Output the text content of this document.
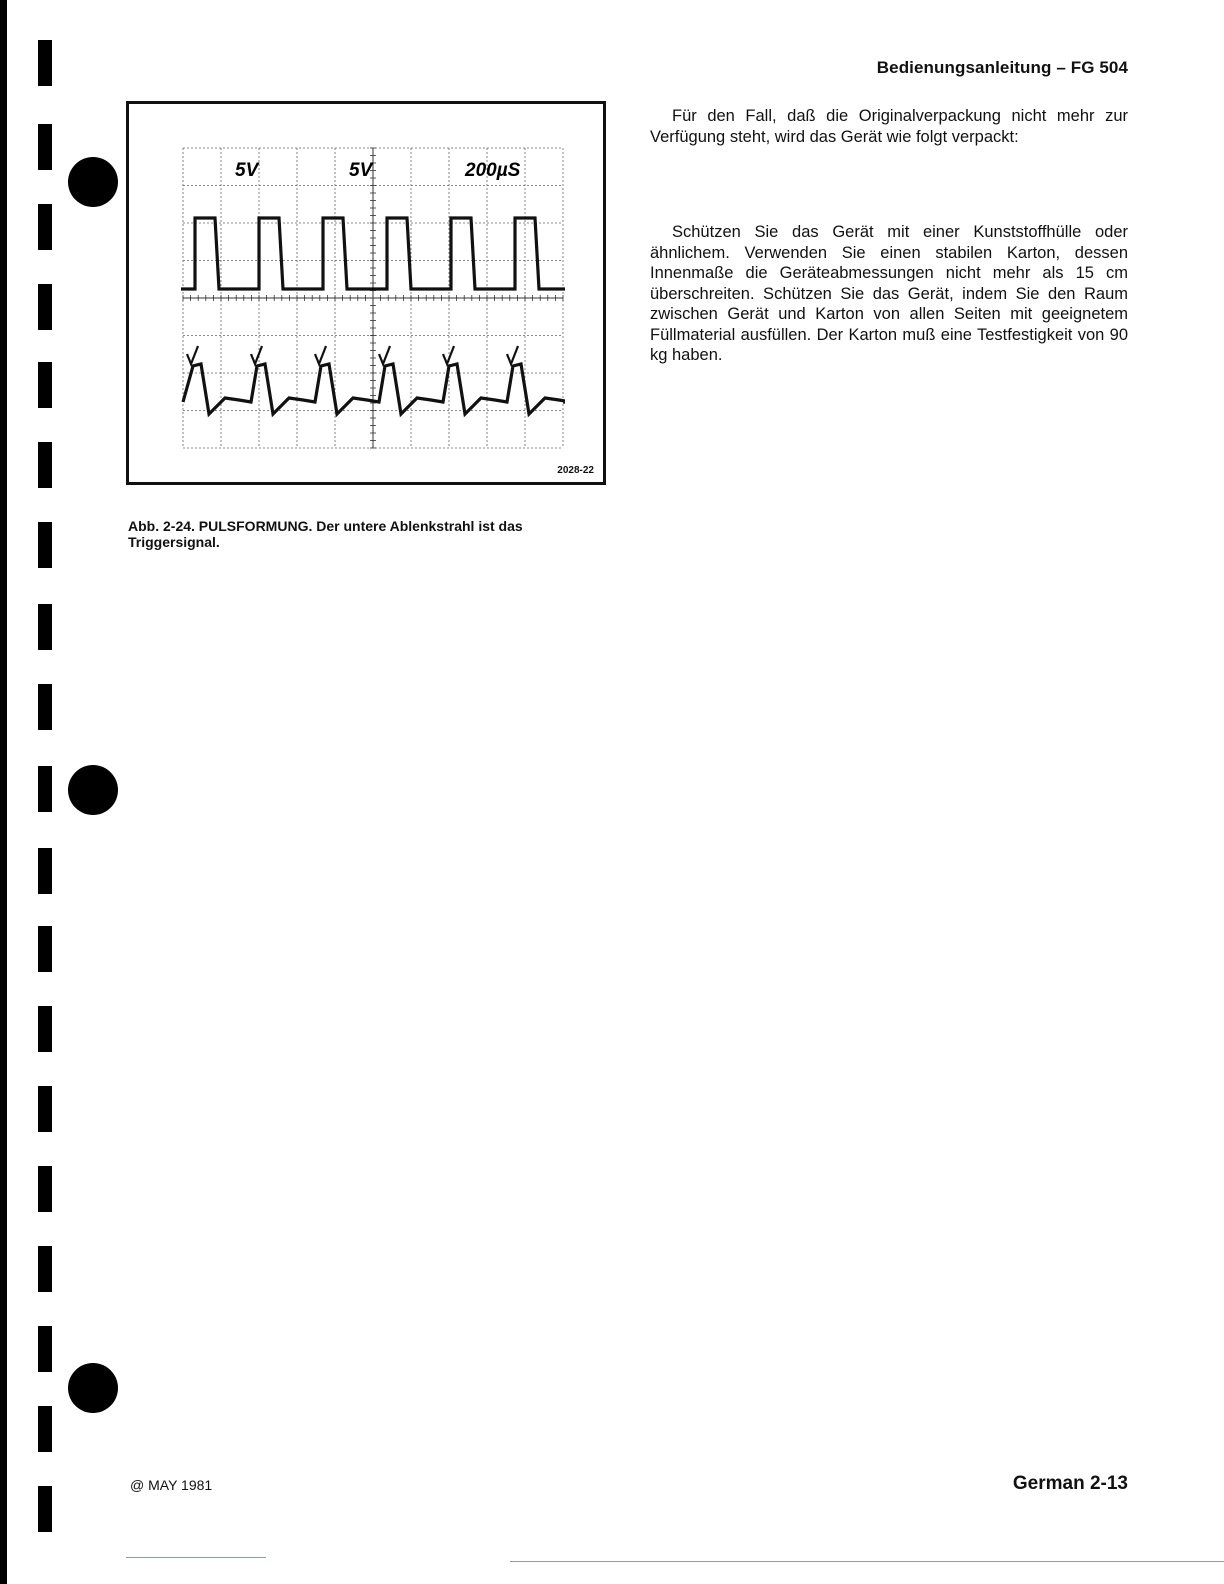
Bedienungsanleitung – FG 504
5V	5V	200µS
2028-22
Abb. 2-24. PULSFORMUNG. Der untere Ablenkstrahl ist das Triggersignal.

Für den Fall, daß die Originalverpackung nicht mehr zur Verfügung steht, wird das Gerät wie folgt verpackt:

Schützen Sie das Gerät mit einer Kunststoffhülle oder ähnlichem. Verwenden Sie einen stabilen Karton, dessen Innenmaße die Geräteabmessungen nicht mehr als 15 cm überschreiten. Schützen Sie das Gerät, indem Sie den Raum zwischen Gerät und Karton von allen Seiten mit geeignetem Füllmaterial ausfüllen. Der Karton muß eine Testfestigkeit von 90 kg haben.

@ MAY 1981	German 2-13
